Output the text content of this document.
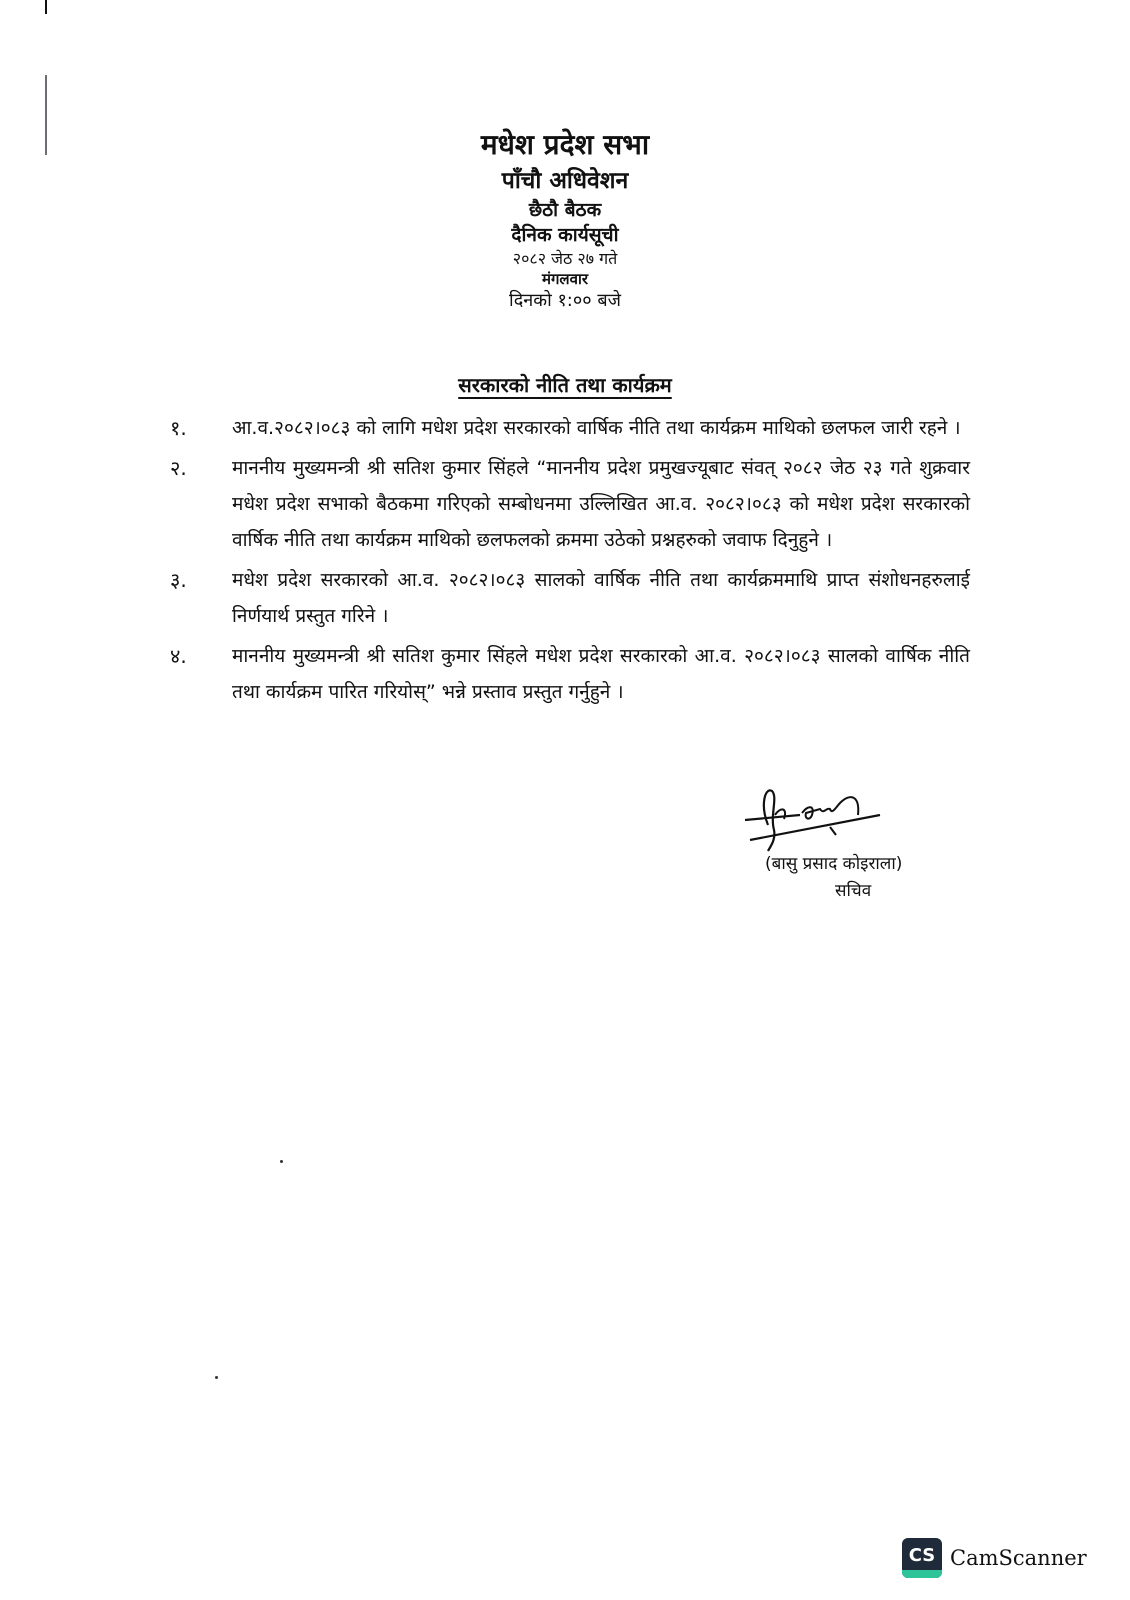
मधेश प्रदेश सभा
पाँचौ अधिवेशन
छैठौ बैठक
दैनिक कार्यसूची
२०८२ जेठ २७ गते
मंगलवार
दिनको १:०० बजे
सरकारको नीति तथा कार्यक्रम
१.	आ.व.२०८२।०८३ को लागि मधेश प्रदेश सरकारको वार्षिक नीति तथा कार्यक्रम माथिको छलफल जारी रहने ।
२.	माननीय मुख्यमन्त्री श्री सतिश कुमार सिंहले “माननीय प्रदेश प्रमुखज्यूबाट संवत् २०८२ जेठ २३ गते शुक्रवार मधेश प्रदेश सभाको बैठकमा गरिएको सम्बोधनमा उल्लिखित आ.व. २०८२।०८३ को मधेश प्रदेश सरकारको वार्षिक नीति तथा कार्यक्रम माथिको छलफलको क्रममा उठेको प्रश्नहरुको जवाफ दिनुहुने ।
३.	मधेश प्रदेश सरकारको आ.व. २०८२।०८३ सालको वार्षिक नीति तथा कार्यक्रममाथि प्राप्त संशोधनहरुलाई निर्णयार्थ प्रस्तुत गरिने ।
४.	माननीय मुख्यमन्त्री श्री सतिश कुमार सिंहले मधेश प्रदेश सरकारको आ.व. २०८२।०८३ सालको वार्षिक नीति तथा कार्यक्रम पारित गरियोस्” भन्ने प्रस्ताव प्रस्तुत गर्नुहुने ।
(बासु प्रसाद कोइराला)
सचिव
CS CamScanner
